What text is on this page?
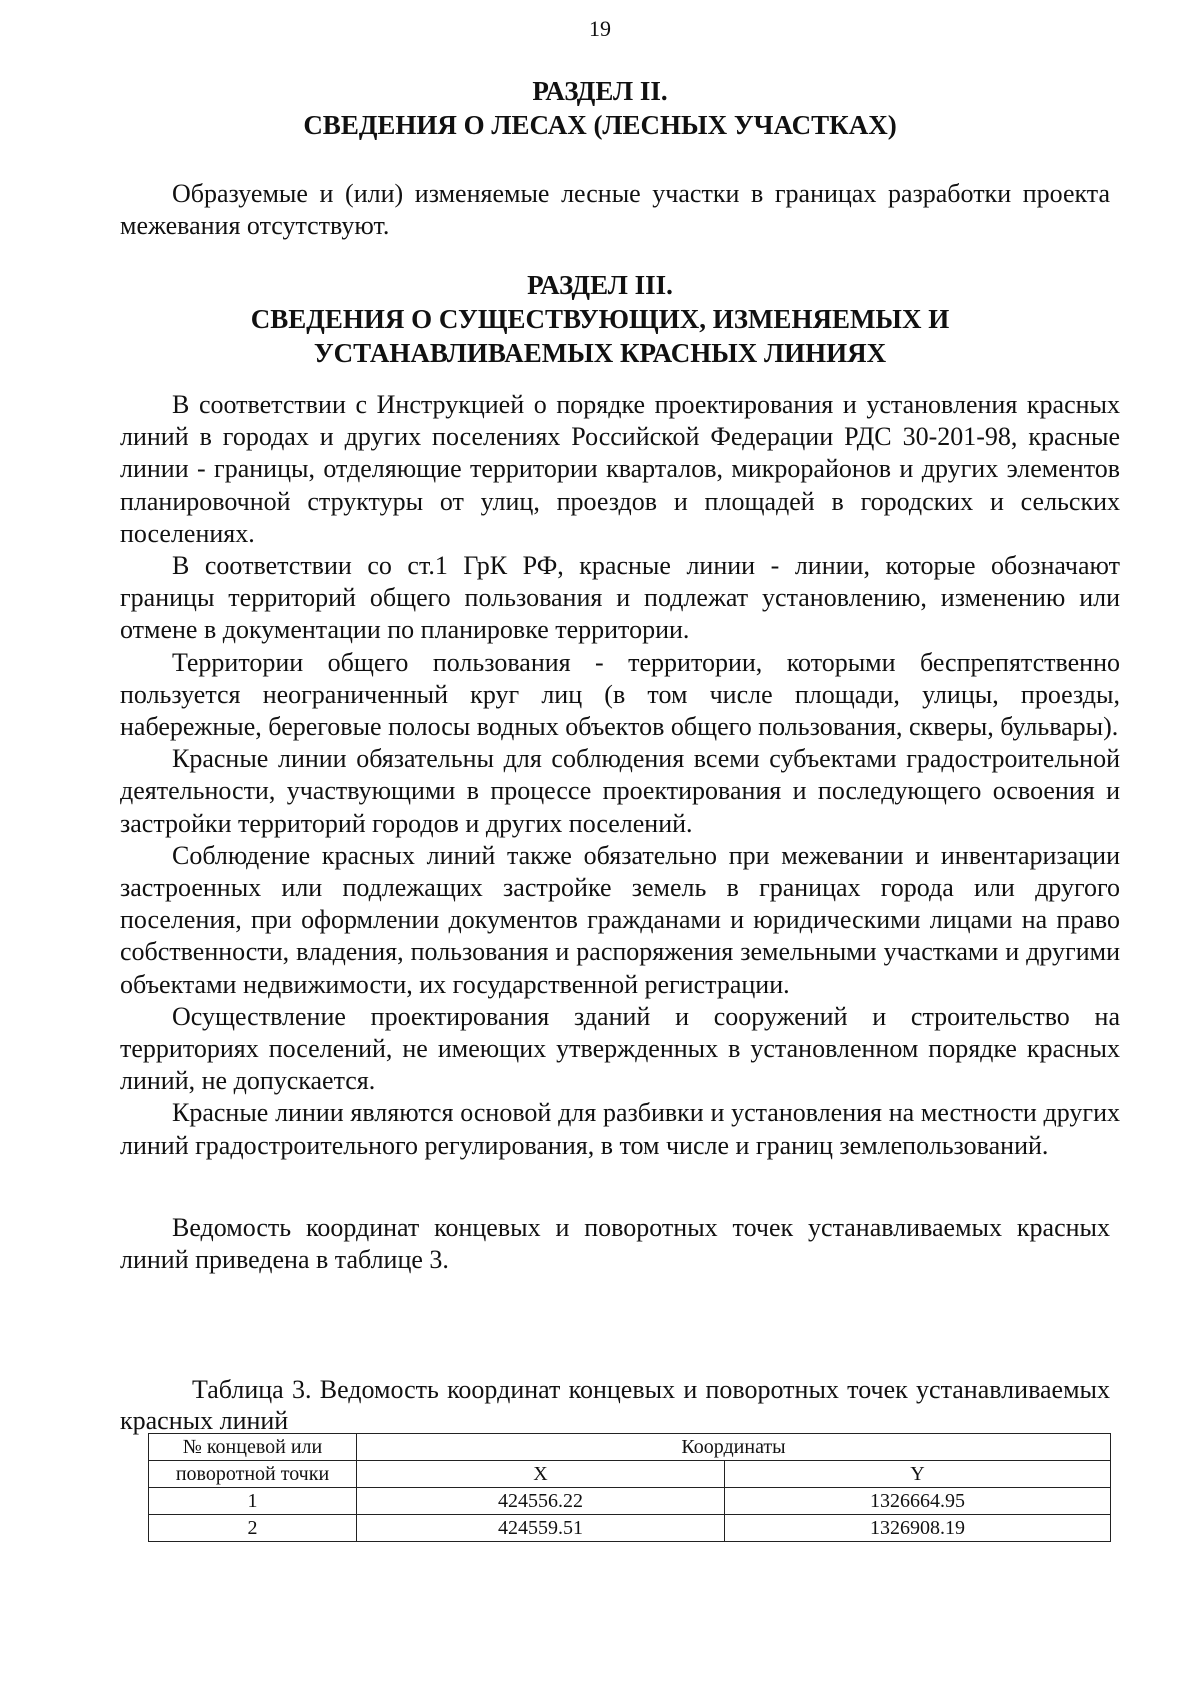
19
РАЗДЕЛ II.
СВЕДЕНИЯ О ЛЕСАХ (ЛЕСНЫХ УЧАСТКАХ)

Образуемые и (или) изменяемые лесные участки в границах разработки проекта межевания отсутствуют.

РАЗДЕЛ III.
СВЕДЕНИЯ О СУЩЕСТВУЮЩИХ, ИЗМЕНЯЕМЫХ И
УСТАНАВЛИВАЕМЫХ КРАСНЫХ ЛИНИЯХ

В соответствии с Инструкцией о порядке проектирования и установления красных линий в городах и других поселениях Российской Федерации РДС 30-201-98, красные линии - границы, отделяющие территории кварталов, микрорайонов и других элементов планировочной структуры от улиц, проездов и площадей в городских и сельских поселениях.

В соответствии со ст.1 ГрК РФ, красные линии - линии, которые обозначают границы территорий общего пользования и подлежат установлению, изменению или отмене в документации по планировке территории.

Территории общего пользования - территории, которыми беспрепятственно пользуется неограниченный круг лиц (в том числе площади, улицы, проезды, набережные, береговые полосы водных объектов общего пользования, скверы, бульвары).

Красные линии обязательны для соблюдения всеми субъектами градостроительной деятельности, участвующими в процессе проектирования и последующего освоения и застройки территорий городов и других поселений.

Соблюдение красных линий также обязательно при межевании и инвентаризации застроенных или подлежащих застройке земель в границах города или другого поселения, при оформлении документов гражданами и юридическими лицами на право собственности, владения, пользования и распоряжения земельными участками и другими объектами недвижимости, их государственной регистрации.

Осуществление проектирования зданий и сооружений и строительство на территориях поселений, не имеющих утвержденных в установленном порядке красных линий, не допускается.

Красные линии являются основой для разбивки и установления на местности других линий градостроительного регулирования, в том числе и границ землепользований.

Ведомость координат концевых и поворотных точек устанавливаемых красных линий приведена в таблице 3.

Таблица 3. Ведомость координат концевых и поворотных точек устанавливаемых красных линий
№ концевой или	Координаты	
поворотной точки	X	Y
1	424556.22	1326664.95
2	424559.51	1326908.19
